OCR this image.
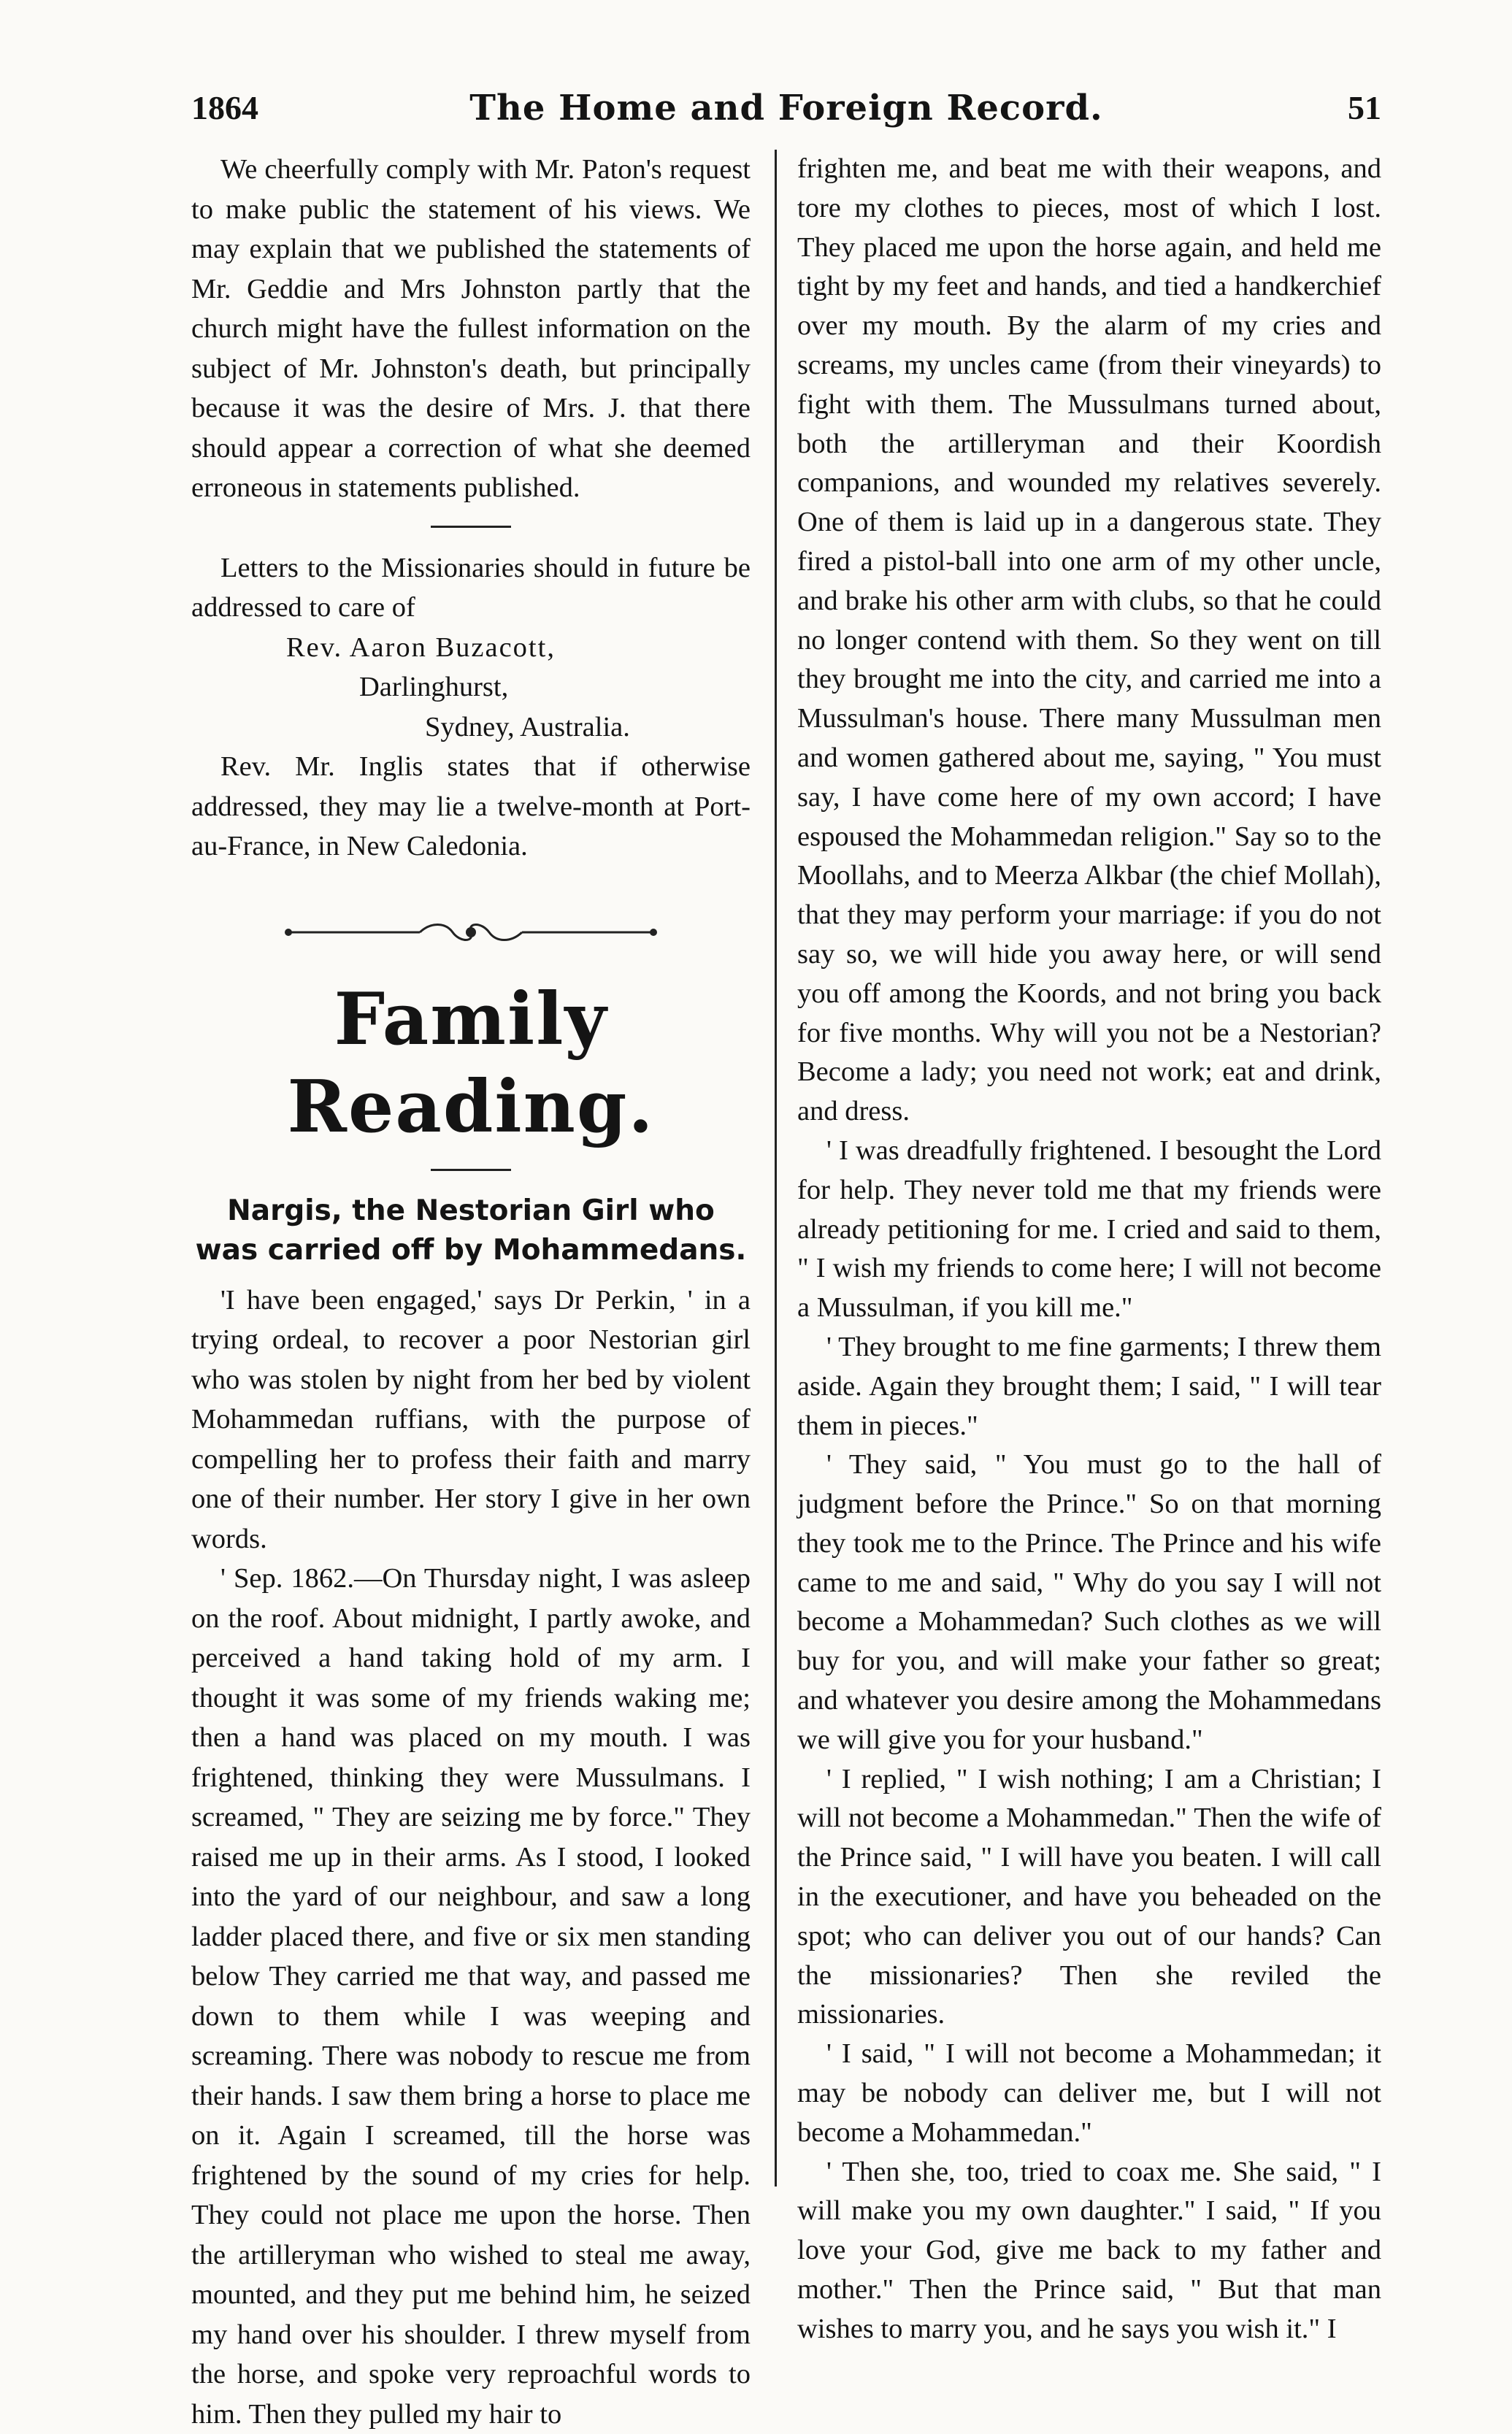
1864	The Home and Foreign Record.	51

We cheerfully comply with Mr. Paton's request to make public the statement of his views. We may explain that we published the statements of Mr. Geddie and Mrs Johnston partly that the church might have the fullest information on the subject of Mr. Johnston's death, but principally because it was the desire of Mrs. J. that there should appear a correction of what she deemed erroneous in statements published.

Letters to the Missionaries should in future be addressed to care of

Rev. Aaron Buzacott,
Darlinghurst,
Sydney, Australia.

Rev. Mr. Inglis states that if otherwise addressed, they may lie a twelve-month at Port-au-France, in New Caledonia.

Family Reading.
Nargis, the Nestorian Girl who was carried off by Mohammedans.

'I have been engaged,' says Dr Perkin, ' in a trying ordeal, to recover a poor Nestorian girl who was stolen by night from her bed by violent Mohammedan ruffians, with the purpose of compelling her to profess their faith and marry one of their number. Her story I give in her own words.

' Sep. 1862.—On Thursday night, I was asleep on the roof. About midnight, I partly awoke, and perceived a hand taking hold of my arm. I thought it was some of my friends waking me; then a hand was placed on my mouth. I was frightened, thinking they were Mussulmans. I screamed, " They are seizing me by force." They raised me up in their arms. As I stood, I looked into the yard of our neighbour, and saw a long ladder placed there, and five or six men standing below They carried me that way, and passed me down to them while I was weeping and screaming. There was nobody to rescue me from their hands. I saw them bring a horse to place me on it. Again I screamed, till the horse was frightened by the sound of my cries for help. They could not place me upon the horse. Then the artilleryman who wished to steal me away, mounted, and they put me behind him, he seized my hand over his shoulder. I threw myself from the horse, and spoke very reproachful words to him. Then they pulled my hair to

frighten me, and beat me with their weapons, and tore my clothes to pieces, most of which I lost. They placed me upon the horse again, and held me tight by my feet and hands, and tied a handkerchief over my mouth. By the alarm of my cries and screams, my uncles came (from their vineyards) to fight with them. The Mussulmans turned about, both the artilleryman and their Koordish companions, and wounded my relatives severely. One of them is laid up in a dangerous state. They fired a pistol-ball into one arm of my other uncle, and brake his other arm with clubs, so that he could no longer contend with them. So they went on till they brought me into the city, and carried me into a Mussulman's house. There many Mussulman men and women gathered about me, saying, " You must say, I have come here of my own accord; I have espoused the Mohammedan religion." Say so to the Moollahs, and to Meerza Alkbar (the chief Mollah), that they may perform your marriage: if you do not say so, we will hide you away here, or will send you off among the Koords, and not bring you back for five months. Why will you not be a Nestorian? Become a lady; you need not work; eat and drink, and dress.

' I was dreadfully frightened. I besought the Lord for help. They never told me that my friends were already petitioning for me. I cried and said to them, " I wish my friends to come here; I will not become a Mussulman, if you kill me."

' They brought to me fine garments; I threw them aside. Again they brought them; I said, " I will tear them in pieces."

' They said, " You must go to the hall of judgment before the Prince." So on that morning they took me to the Prince. The Prince and his wife came to me and said, " Why do you say I will not become a Mohammedan? Such clothes as we will buy for you, and will make your father so great; and whatever you desire among the Mohammedans we will give you for your husband."

' I replied, " I wish nothing; I am a Christian; I will not become a Mohammedan." Then the wife of the Prince said, " I will have you beaten. I will call in the executioner, and have you beheaded on the spot; who can deliver you out of our hands? Can the missionaries? Then she reviled the missionaries.

' I said, " I will not become a Mohammedan; it may be nobody can deliver me, but I will not become a Mohammedan."

' Then she, too, tried to coax me. She said, " I will make you my own daughter." I said, " If you love your God, give me back to my father and mother." Then the Prince said, " But that man wishes to marry you, and he says you wish it." I
